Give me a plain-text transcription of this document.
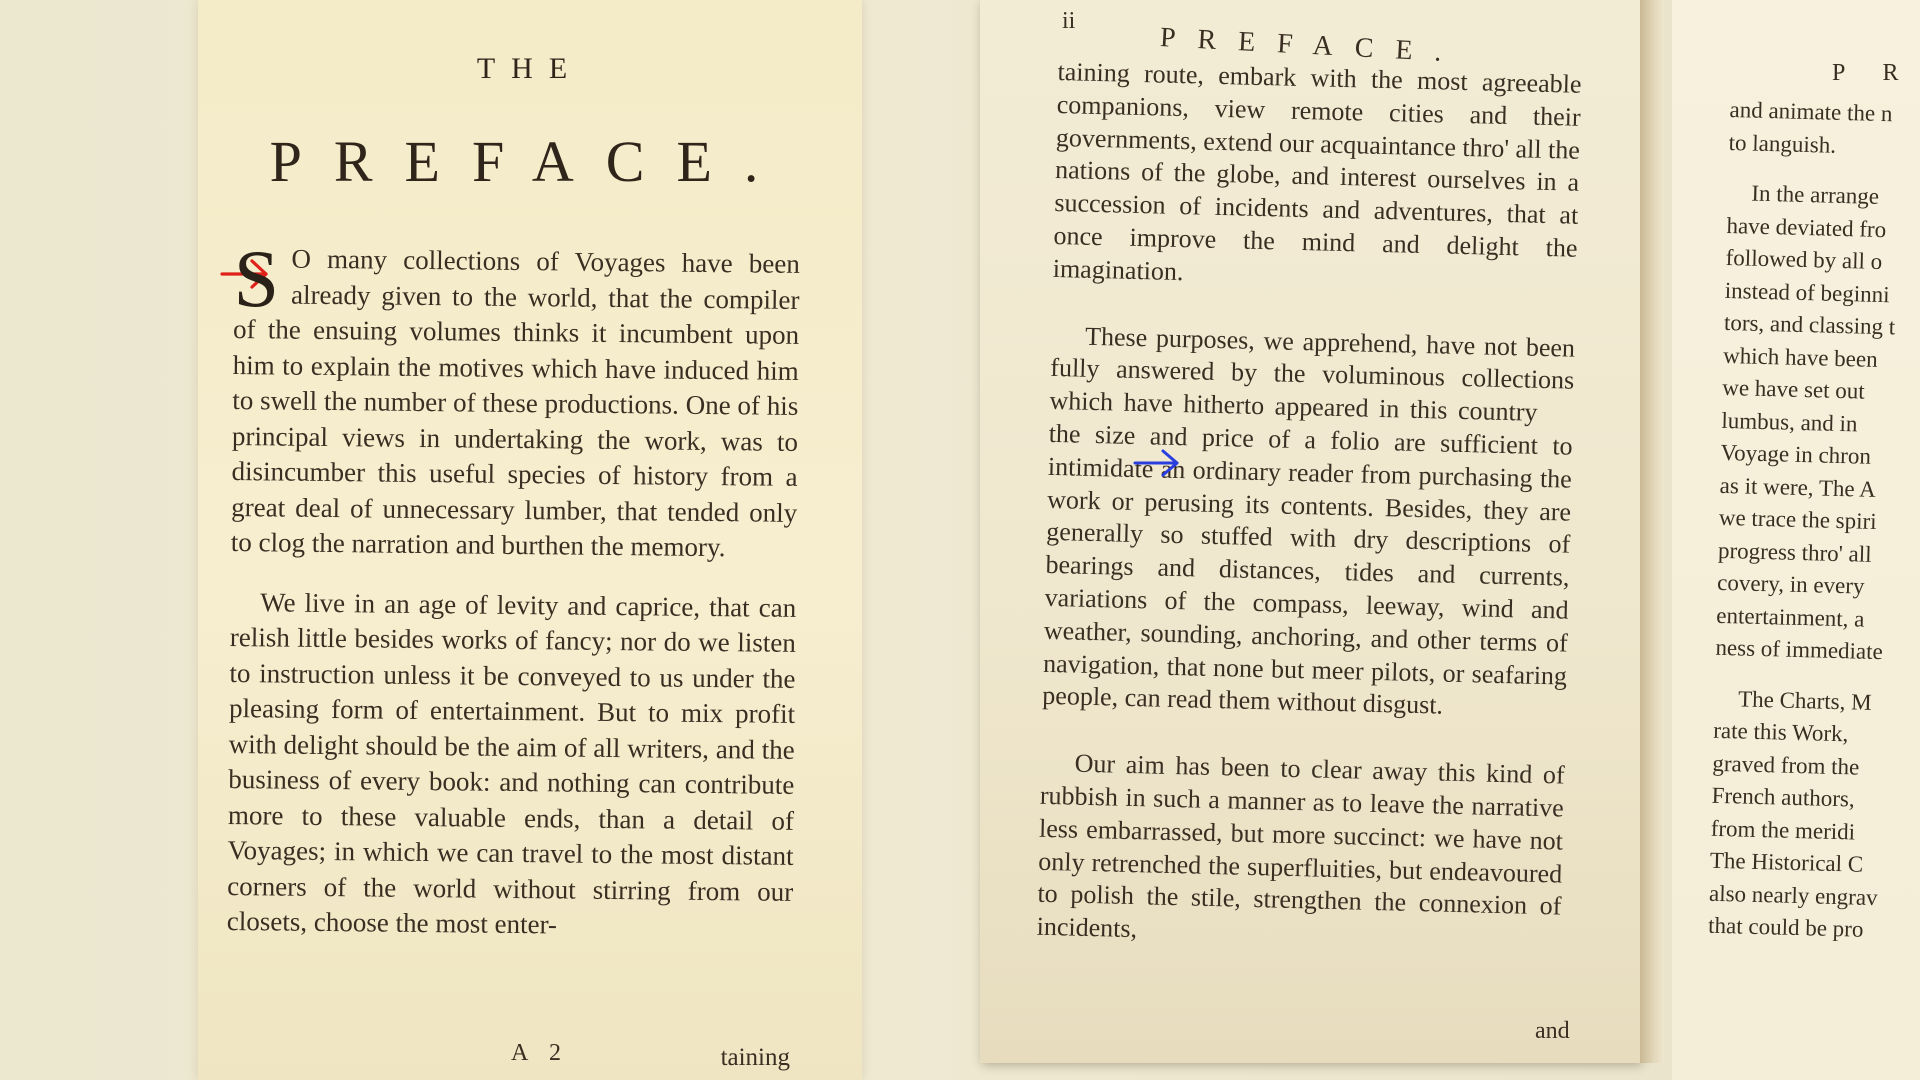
THE
PREFACE.

S O many collections of Voyages have been already given to the world, that the compiler of the ensuing volumes thinks it incumbent upon him to explain the motives which have induced him to swell the number of these productions. One of his principal views in undertaking the work, was to disincumber this useful species of history from a great deal of unnecessary lumber, that tended only to clog the narration and burthen the memory.

We live in an age of levity and caprice, that can relish little besides works of fancy; nor do we listen to instruction unless it be conveyed to us under the pleasing form of entertainment. But to mix profit with delight should be the aim of all writers, and the business of every book: and nothing can contribute more to these valuable ends, than a detail of Voyages; in which we can travel to the most distant corners of the world without stirring from our closets, choose the most enter-

A 2	taining
ii
PREFACE.

taining route, embark with the most agreeable companions, view remote cities and their governments, extend our acquaintance thro' all the nations of the globe, and interest ourselves in a succession of incidents and adventures, that at once improve the mind and delight the imagination.

These purposes, we apprehend, have not been fully answered by the voluminous collections which have hitherto appeared in this country the size and price of a folio are sufficient to intimidate an ordinary reader from purchasing the work or perusing its contents. Besides, they are generally so stuffed with dry descriptions of bearings and distances, tides and currents, variations of the compass, leeway, wind and weather, sounding, anchoring, and other terms of navigation, that none but meer pilots, or seafaring people, can read them without disgust.

Our aim has been to clear away this kind of rubbish in such a manner as to leave the narrative less embarrassed, but more succinct: we have not only retrenched the superfluities, but endeavoured to polish the stile, strengthen the connexion of incidents,

and
P R
and animate the n
to languish.
In the arrange
have deviated fro
followed by all o
instead of beginni
tors, and classing t
which have been
we have set out
lumbus, and in
Voyage in chron
as it were, The A
we trace the spiri
progress thro' all
covery, in every
entertainment, a
ness of immediate
The Charts, M
rate this Work,
graved from the
French authors,
from the meridi
The Historical C
also nearly engrav
that could be pro
